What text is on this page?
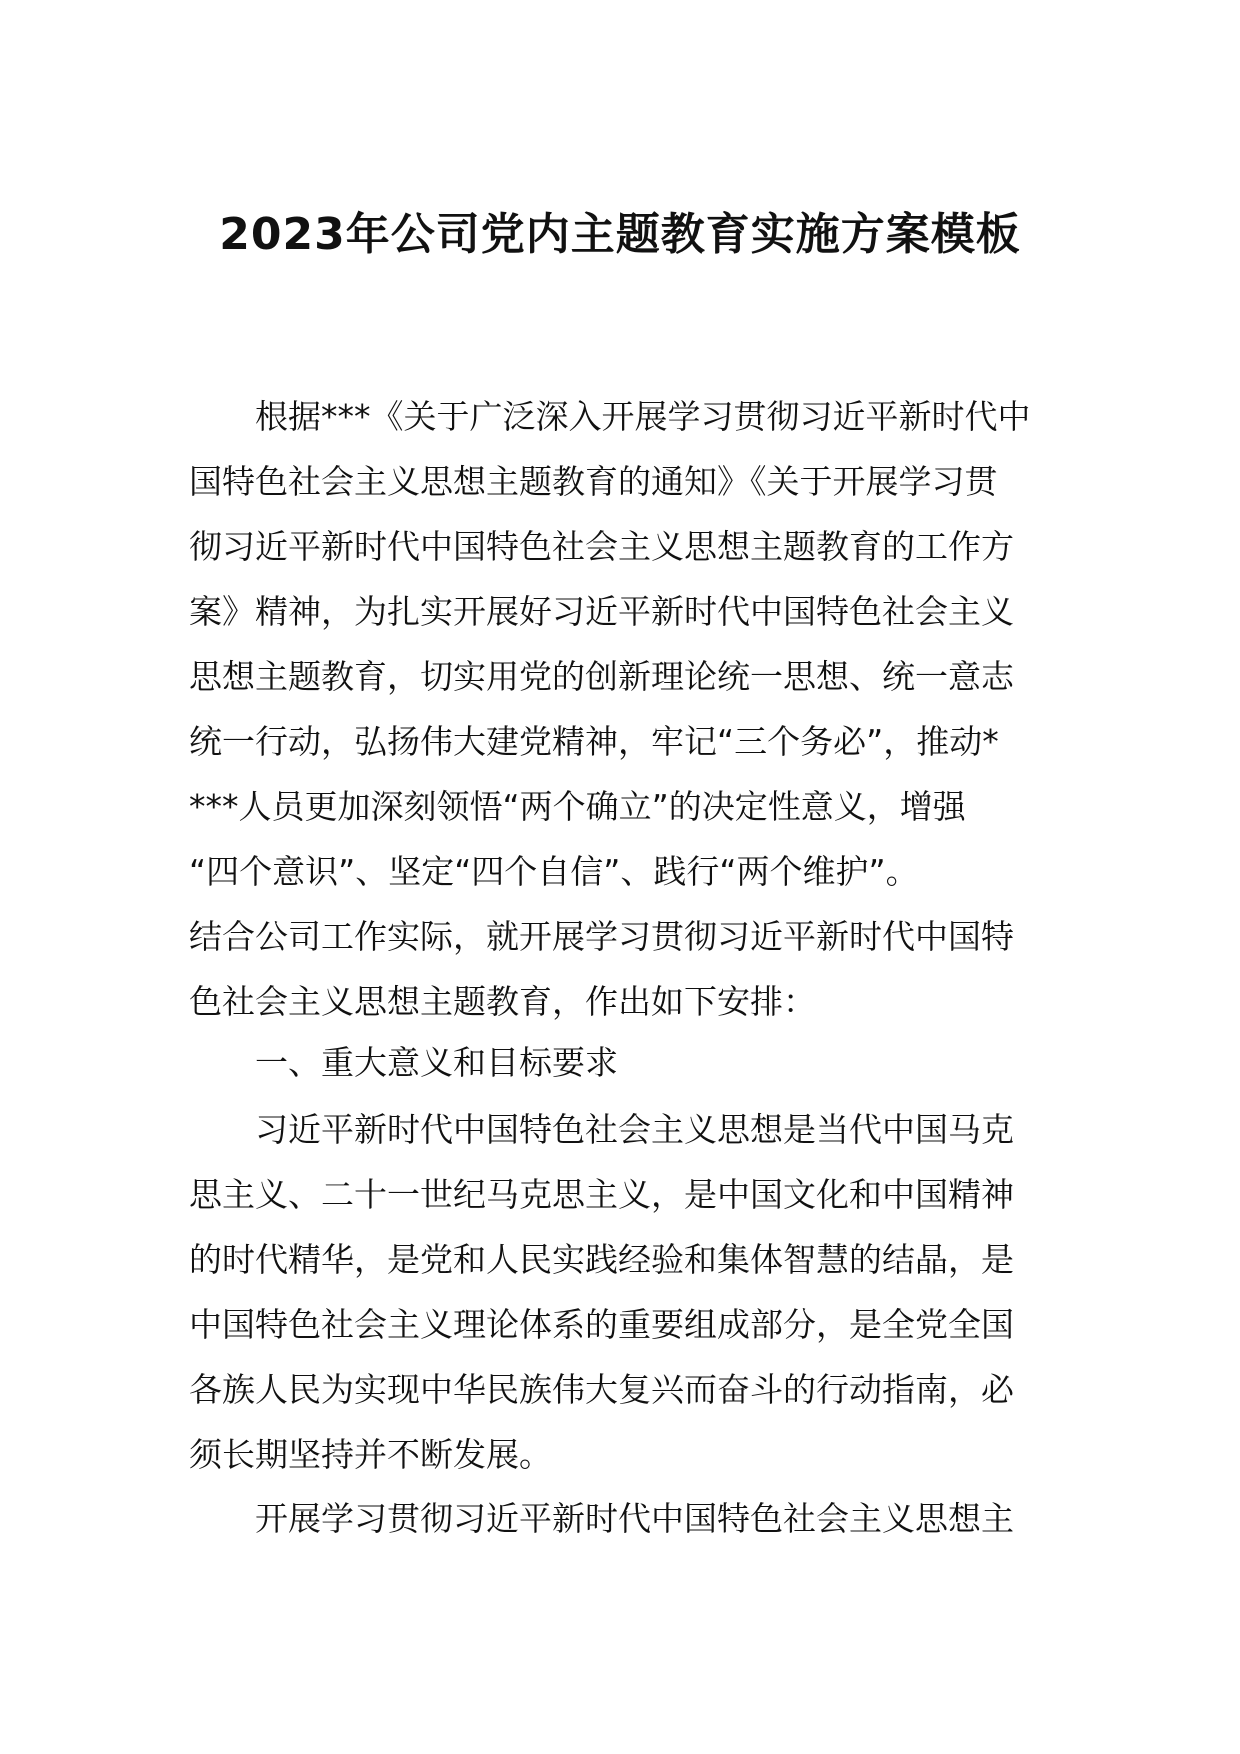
2023年公司党内主题教育实施方案模板
根据***《关于广泛深入开展学习贯彻习近平新时代中
国特色社会主义思想主题教育的通知》《关于开展学习贯
彻习近平新时代中国特色社会主义思想主题教育的工作方
案》精神，为扎实开展好习近平新时代中国特色社会主义
思想主题教育，切实用党的创新理论统一思想、统一意志
统一行动，弘扬伟大建党精神，牢记“三个务必”，推动*
***人员更加深刻领悟“两个确立”的决定性意义，增强
“四个意识”、坚定“四个自信”、践行“两个维护”。
结合公司工作实际，就开展学习贯彻习近平新时代中国特
色社会主义思想主题教育，作出如下安排：
一、重大意义和目标要求
习近平新时代中国特色社会主义思想是当代中国马克
思主义、二十一世纪马克思主义，是中国文化和中国精神
的时代精华，是党和人民实践经验和集体智慧的结晶，是
中国特色社会主义理论体系的重要组成部分，是全党全国
各族人民为实现中华民族伟大复兴而奋斗的行动指南，必
须长期坚持并不断发展。
开展学习贯彻习近平新时代中国特色社会主义思想主
